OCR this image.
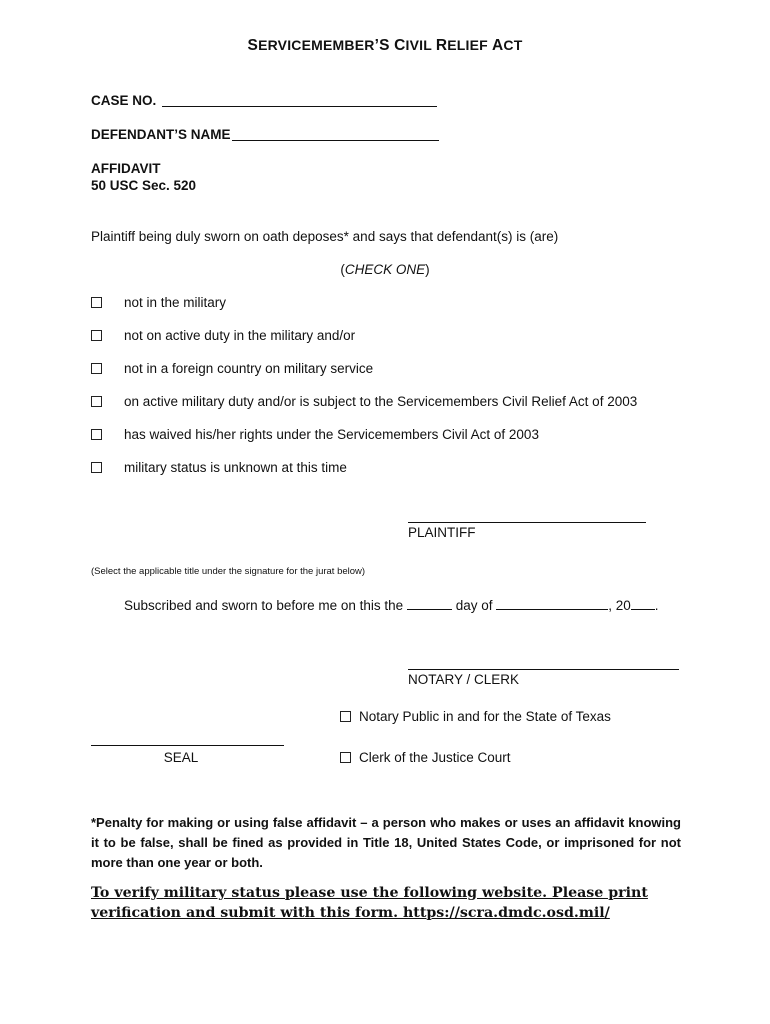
SERVICEMEMBER’S CIVIL RELIEF ACT
CASE NO.
DEFENDANT’S NAME
AFFIDAVIT
50 USC Sec. 520
Plaintiff being duly sworn on oath deposes* and says that defendant(s) is (are)
(CHECK ONE)
not in the military
not on active duty in the military and/or
not in a foreign country on military service
on active military duty and/or is subject to the Servicemembers Civil Relief Act of 2003
has waived his/her rights under the Servicemembers Civil Act of 2003
military status is unknown at this time
PLAINTIFF
(Select the applicable title under the signature for the jurat below)
Subscribed and sworn to before me on this the	day of	, 20 .
NOTARY / CLERK
Notary Public in and for the State of Texas
Clerk of the Justice Court
SEAL
*Penalty for making or using false affidavit – a person who makes or uses an affidavit knowing it to be false, shall be fined as provided in Title 18, United States Code, or imprisoned for not more than one year or both.
To verify military status please use the following website. Please print verification and submit with this form. https://scra.dmdc.osd.mil/
